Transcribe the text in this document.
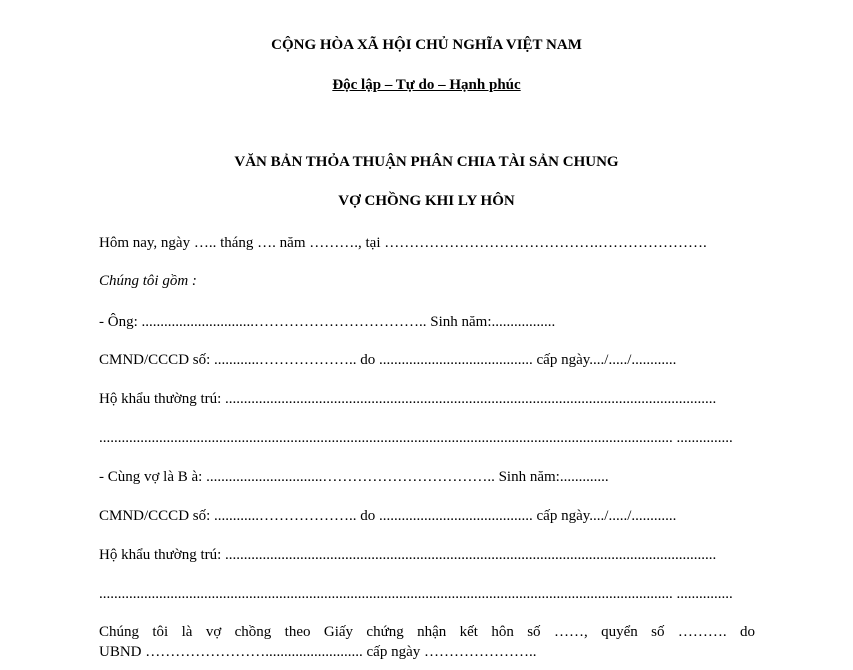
CỘNG HÒA XÃ HỘI CHỦ NGHĨA VIỆT NAM
Độc lập – Tự do – Hạnh phúc
VĂN BẢN THỎA THUẬN PHÂN CHIA TÀI SẢN CHUNG
VỢ CHỒNG KHI LY HÔN
Hôm nay, ngày ….. tháng …. năm ………., tại …………………………………….………………….
Chúng tôi gồm :
- Ông: ..............................…………………………….. Sinh năm:.................
CMND/CCCD số: ............……………….. do ......................................... cấp ngày..../...../............
Hộ khẩu thường trú: ...................................................................................................................................
......................................................................................................................................................... ...............
- Cùng vợ là B à: ...............................…………………………….. Sinh năm:.............
CMND/CCCD số: ............……………….. do ......................................... cấp ngày..../...../............
Hộ khẩu thường trú: ...................................................................................................................................
......................................................................................................................................................... ...............
Chúng tôi là vợ chồng theo Giấy chứng nhận kết hôn số ……, quyển số ………. do
UBND …………………….......................... cấp ngày …………………..
